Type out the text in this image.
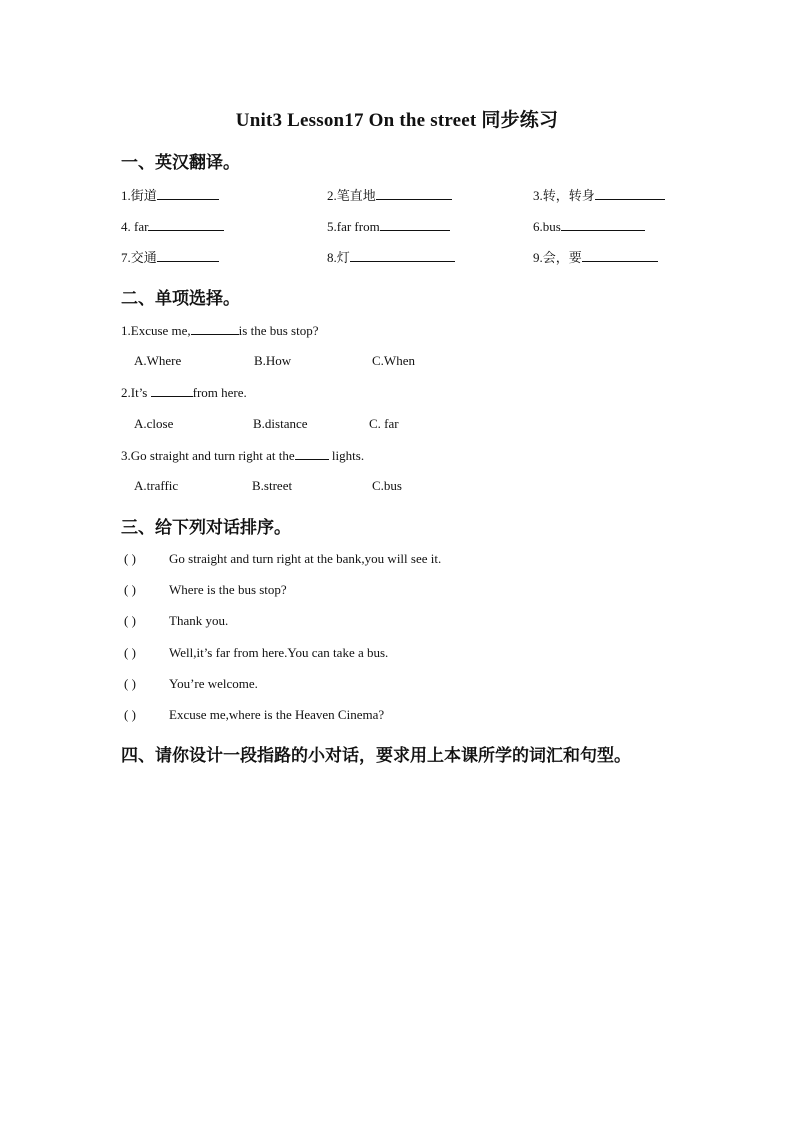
Unit3 Lesson17 On the street 同步练习
一、英汉翻译。
1.街道	2.笔直地	3.转，转身
4. far	5.far from	6.bus
7.交通	8.灯	9.会，要
二、单项选择。
1.Excuse me,	is the bus stop?
A.Where	B.How	C.When
2.It’s	from here.
A.close	B.distance	C. far
3.Go straight and turn right at the	lights.
A.traffic	B.street	C.bus
三、给下列对话排序。
( )	Go straight and turn right at the bank,you will see it.
( )	Where is the bus stop?
( )	Thank you.
( )	Well,it’s far from here.You can take a bus.
( )	You’re welcome.
( )	Excuse me,where is the Heaven Cinema?
四、请你设计一段指路的小对话，要求用上本课所学的词汇和句型。
